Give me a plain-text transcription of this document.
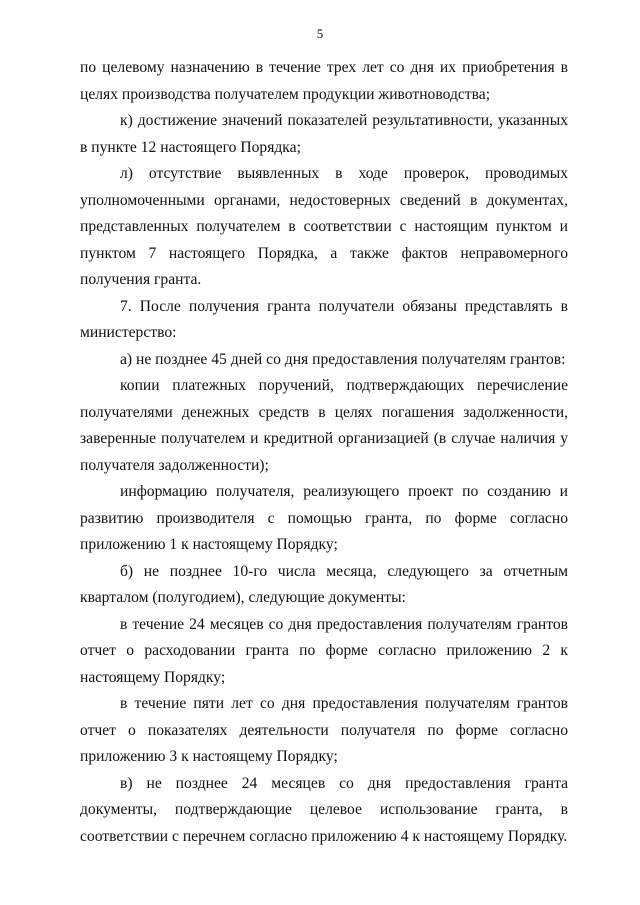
5

по целевому назначению в течение трех лет со дня их приобретения в целях производства получателем продукции животноводства;

к) достижение значений показателей результативности, указанных в пункте 12 настоящего Порядка;

л) отсутствие выявленных в ходе проверок, проводимых уполномоченными органами, недостоверных сведений в документах, представленных получателем в соответствии с настоящим пунктом и пунктом 7 настоящего Порядка, а также фактов неправомерного получения гранта.

7. После получения гранта получатели обязаны представлять в министерство:

а) не позднее 45 дней со дня предоставления получателям грантов:

копии платежных поручений, подтверждающих перечисление получателями денежных средств в целях погашения задолженности, заверенные получателем и кредитной организацией (в случае наличия у получателя задолженности);

информацию получателя, реализующего проект по созданию и развитию производителя с помощью гранта, по форме согласно приложению 1 к настоящему Порядку;

б) не позднее 10-го числа месяца, следующего за отчетным кварталом (полугодием), следующие документы:

в течение 24 месяцев со дня предоставления получателям грантов отчет о расходовании гранта по форме согласно приложению 2 к настоящему Порядку;

в течение пяти лет со дня предоставления получателям грантов отчет о показателях деятельности получателя по форме согласно приложению 3 к настоящему Порядку;

в) не позднее 24 месяцев со дня предоставления гранта документы, подтверждающие целевое использование гранта, в соответствии с перечнем согласно приложению 4 к настоящему Порядку.
